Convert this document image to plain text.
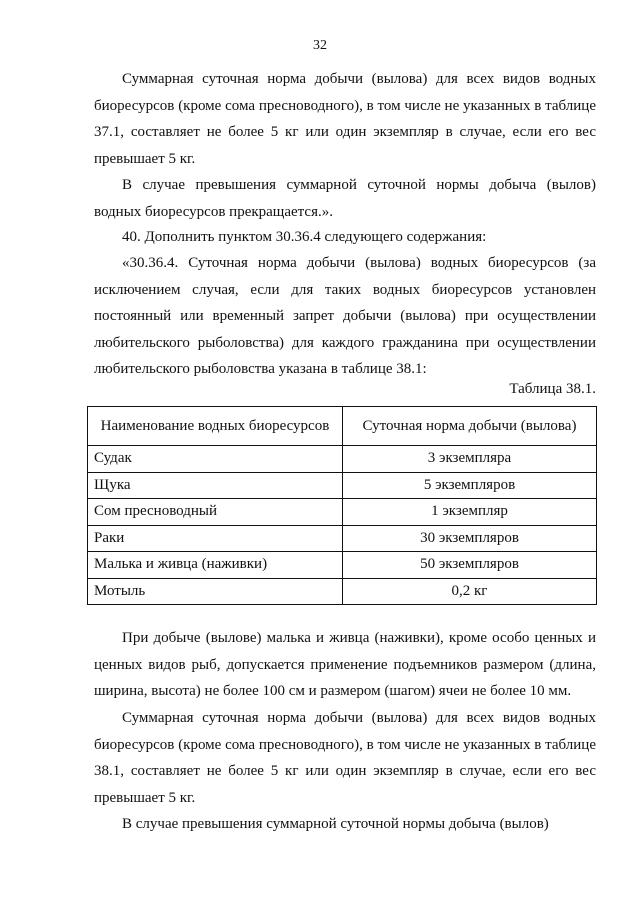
32

Суммарная суточная норма добычи (вылова) для всех видов водных биоресурсов (кроме сома пресноводного), в том числе не указанных в таблице 37.1, составляет не более 5 кг или один экземпляр в случае, если его вес превышает 5 кг.

В случае превышения суммарной суточной нормы добыча (вылов) водных биоресурсов прекращается.».

40. Дополнить пунктом 30.36.4 следующего содержания:

«30.36.4. Суточная норма добычи (вылова) водных биоресурсов (за исключением случая, если для таких водных биоресурсов установлен постоянный или временный запрет добычи (вылова) при осуществлении любительского рыболовства) для каждого гражданина при осуществлении любительского рыболовства указана в таблице 38.1:

Таблица 38.1.
Наименование водных биоресурсов	Суточная норма добычи (вылова)
Судак	3 экземпляра
Щука	5 экземпляров
Сом пресноводный	1 экземпляр
Раки	30 экземпляров
Малька и живца (наживки)	50 экземпляров
Мотыль	0,2 кг

При добыче (вылове) малька и живца (наживки), кроме особо ценных и ценных видов рыб, допускается применение подъемников размером (длина, ширина, высота) не более 100 см и размером (шагом) ячеи не более 10 мм.

Суммарная суточная норма добычи (вылова) для всех видов водных биоресурсов (кроме сома пресноводного), в том числе не указанных в таблице 38.1, составляет не более 5 кг или один экземпляр в случае, если его вес превышает 5 кг.

В случае превышения суммарной суточной нормы добыча (вылов)
